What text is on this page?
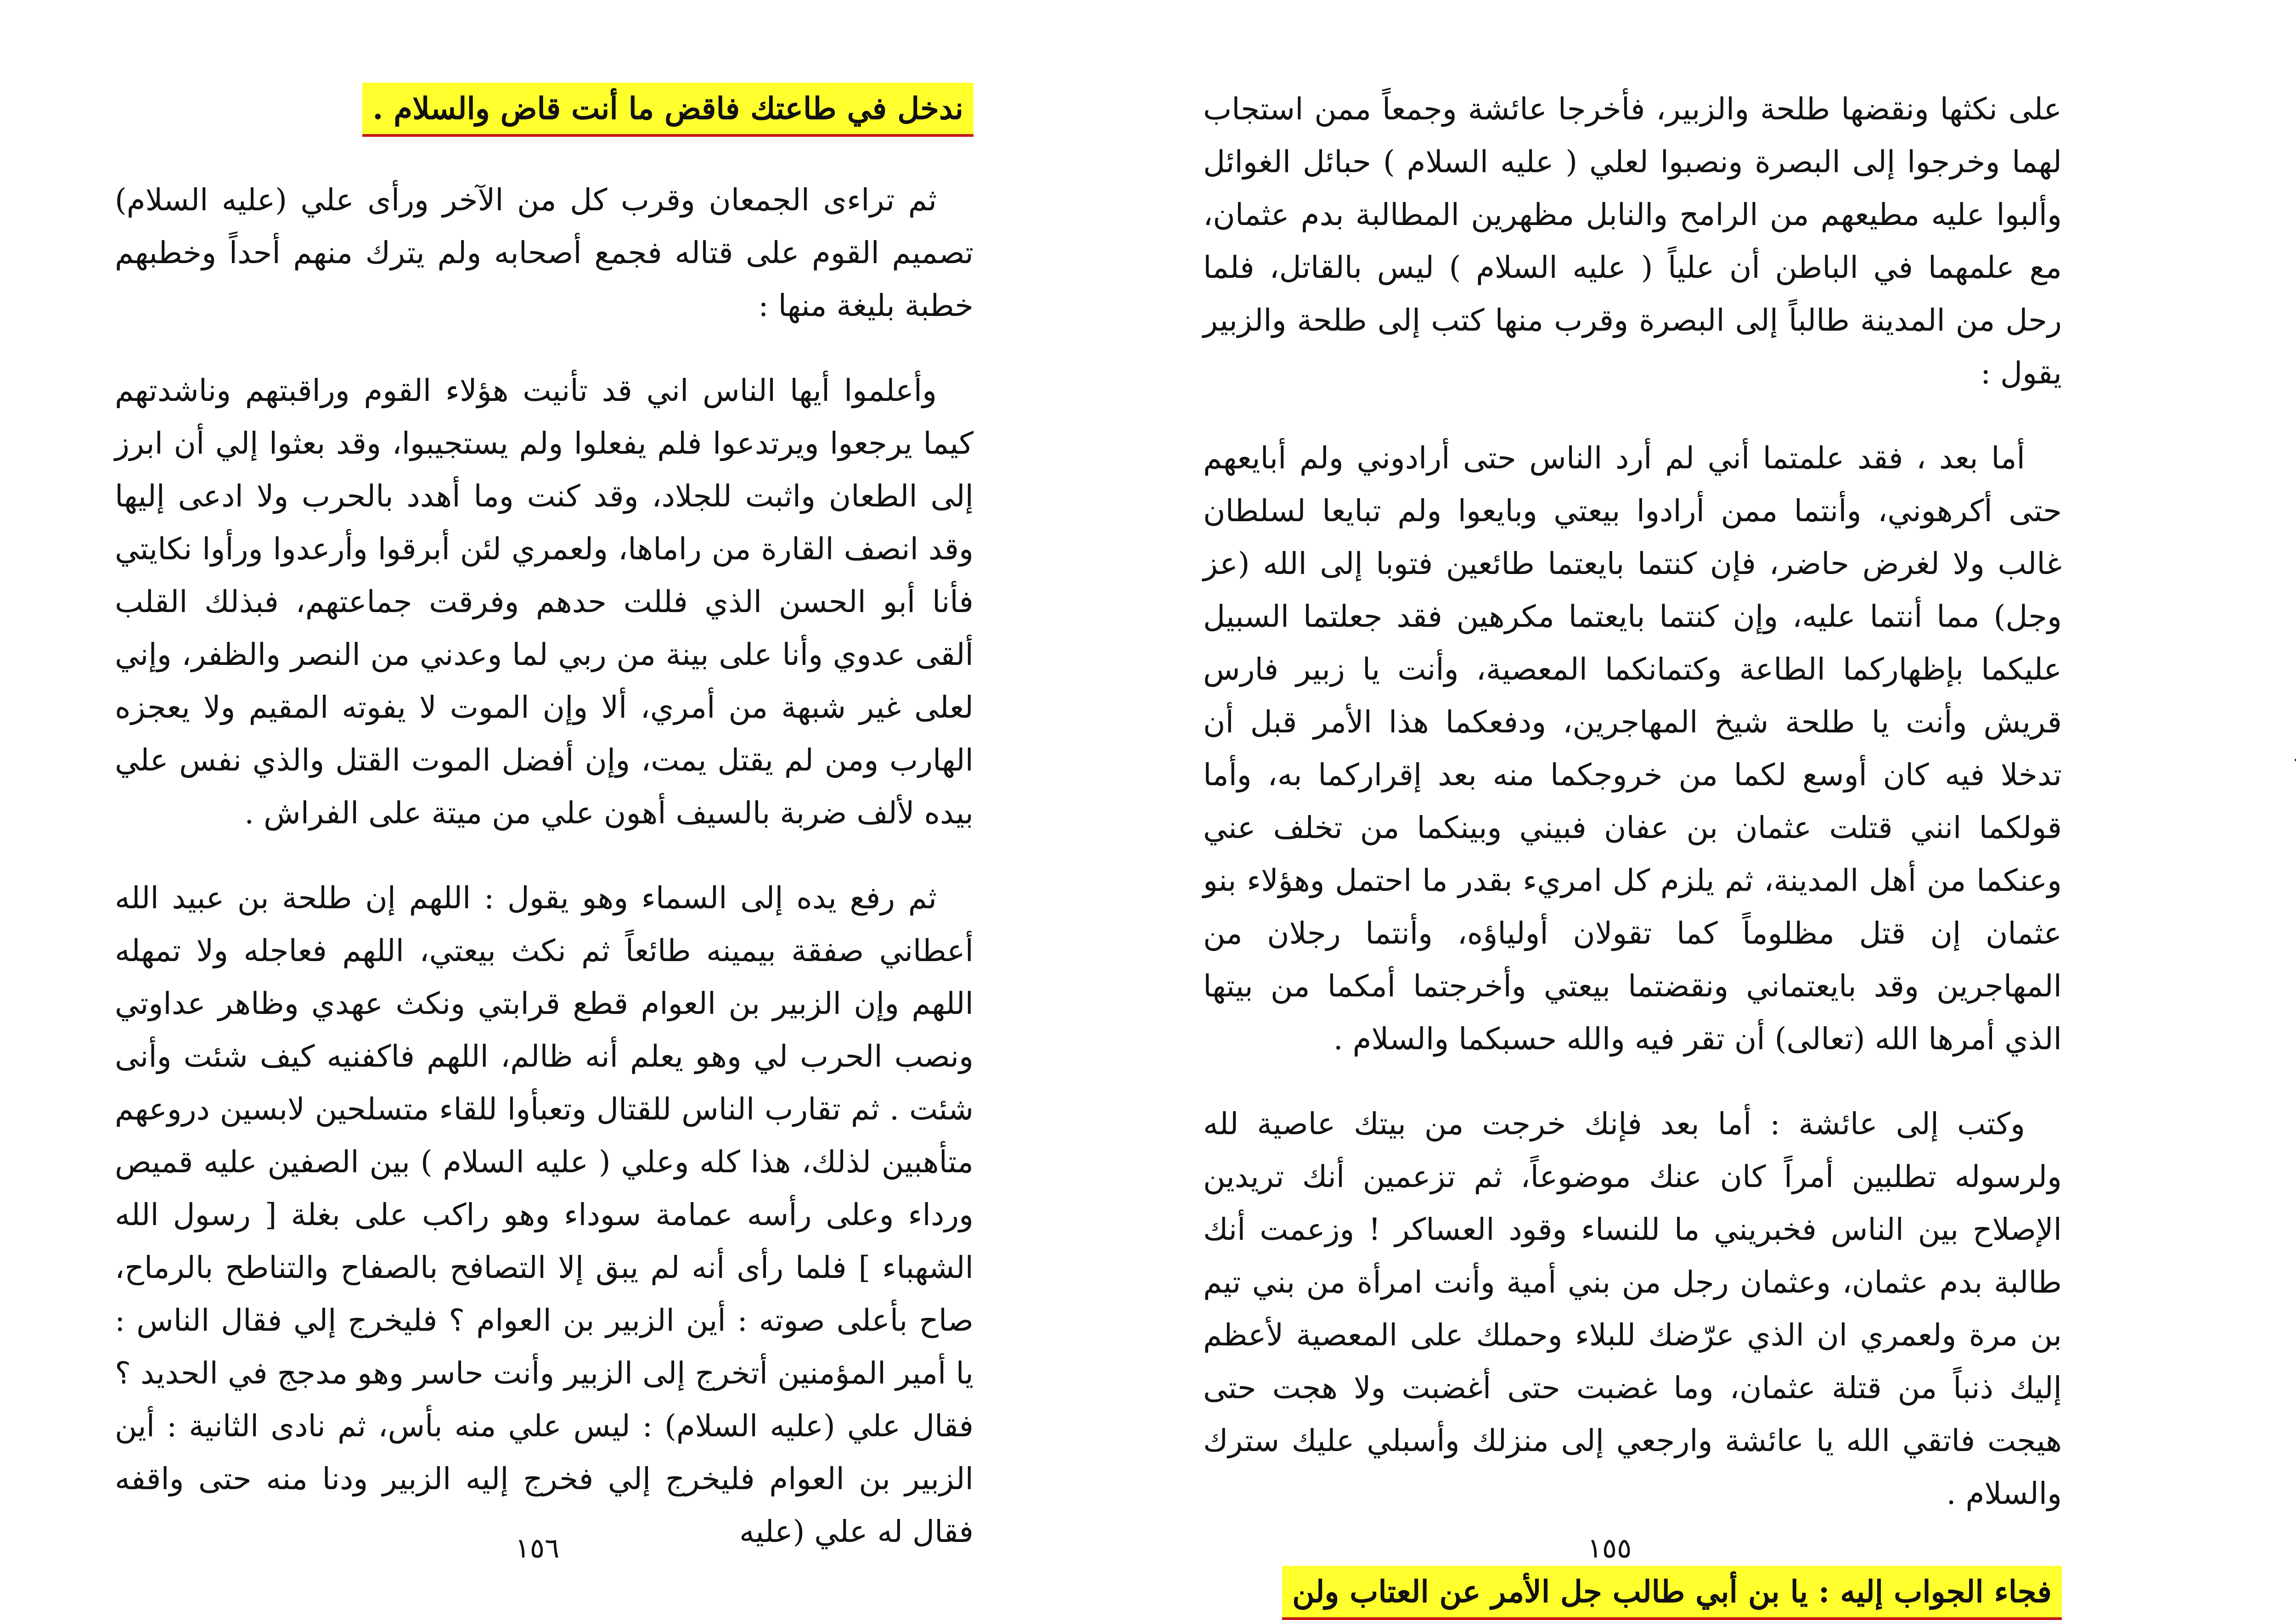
ندخل في طاعتك فاقض ما أنت قاض والسلام .

ثم تراءى الجمعان وقرب كل من الآخر ورأى علي (عليه السلام) تصميم القوم على قتاله فجمع أصحابه ولم يترك منهم أحداً وخطبهم خطبة بليغة منها :

وأعلموا أيها الناس اني قد تأنيت هؤلاء القوم وراقبتهم وناشدتهم كيما يرجعوا ويرتدعوا فلم يفعلوا ولم يستجيبوا، وقد بعثوا إلي أن ابرز إلى الطعان واثبت للجلاد، وقد كنت وما أهدد بالحرب ولا ادعى إليها وقد انصف القارة من راماها، ولعمري لئن أبرقوا وأرعدوا ورأوا نكايتي فأنا أبو الحسن الذي فللت حدهم وفرقت جماعتهم، فبذلك القلب ألقى عدوي وأنا على بينة من ربي لما وعدني من النصر والظفر، وإني لعلى غير شبهة من أمري، ألا وإن الموت لا يفوته المقيم ولا يعجزه الهارب ومن لم يقتل يمت، وإن أفضل الموت القتل والذي نفس علي بيده لألف ضربة بالسيف أهون علي من ميتة على الفراش .

ثم رفع يده إلى السماء وهو يقول : اللهم إن طلحة بن عبيد الله أعطاني صفقة بيمينه طائعاً ثم نكث بيعتي، اللهم فعاجله ولا تمهله اللهم وإن الزبير بن العوام قطع قرابتي ونكث عهدي وظاهر عداوتي ونصب الحرب لي وهو يعلم أنه ظالم، اللهم فاكفنيه كيف شئت وأنى شئت . ثم تقارب الناس للقتال وتعبأوا للقاء متسلحين لابسين دروعهم متأهبين لذلك، هذا كله وعلي ( عليه السلام ) بين الصفين عليه قميص ورداء وعلى رأسه عمامة سوداء وهو راكب على بغلة [ رسول الله الشهباء ] فلما رأى أنه لم يبق إلا التصافح بالصفاح والتناطح بالرماح، صاح بأعلى صوته : أين الزبير بن العوام ؟ فليخرج إلي فقال الناس : يا أمير المؤمنين أتخرج إلى الزبير وأنت حاسر وهو مدجج في الحديد ؟ فقال علي (عليه السلام) : ليس علي منه بأس، ثم نادى الثانية : أين الزبير بن العوام فليخرج إلي فخرج إليه الزبير ودنا منه حتى واقفه فقال له علي (عليه

١٥٦

على نكثها ونقضها طلحة والزبير، فأخرجا عائشة وجمعاً ممن استجاب لهما وخرجوا إلى البصرة ونصبوا لعلي ( عليه السلام ) حبائل الغوائل وألبوا عليه مطيعهم من الرامح والنابل مظهرين المطالبة بدم عثمان، مع علمهما في الباطن أن علياً ( عليه السلام ) ليس بالقاتل، فلما رحل من المدينة طالباً إلى البصرة وقرب منها كتب إلى طلحة والزبير يقول :

أما بعد ، فقد علمتما أني لم أرد الناس حتى أرادوني ولم أبايعهم حتى أكرهوني، وأنتما ممن أرادوا بيعتي وبايعوا ولم تبايعا لسلطان غالب ولا لغرض حاضر، فإن كنتما بايعتما طائعين فتوبا إلى الله (عز وجل) مما أنتما عليه، وإن كنتما بايعتما مكرهين فقد جعلتما السبيل عليكما بإظهاركما الطاعة وكتمانكما المعصية، وأنت يا زبير فارس قريش وأنت يا طلحة شيخ المهاجرين، ودفعكما هذا الأمر قبل أن تدخلا فيه كان أوسع لكما من خروجكما منه بعد إقراركما به، وأما قولكما انني قتلت عثمان بن عفان فبيني وبينكما من تخلف عني وعنكما من أهل المدينة، ثم يلزم كل امريء بقدر ما احتمل وهؤلاء بنو عثمان إن قتل مظلوماً كما تقولان أولياؤه، وأنتما رجلان من المهاجرين وقد بايعتماني ونقضتما بيعتي وأخرجتما أمكما من بيتها الذي أمرها الله (تعالى) أن تقر فيه والله حسبكما والسلام .

وكتب إلى عائشة : أما بعد فإنك خرجت من بيتك عاصية لله ولرسوله تطلبين أمراً كان عنك موضوعاً، ثم تزعمين أنك تريدين الإصلاح بين الناس فخبريني ما للنساء وقود العساكر ! وزعمت أنك طالبة بدم عثمان، وعثمان رجل من بني أمية وأنت امرأة من بني تيم بن مرة ولعمري ان الذي عرّضك للبلاء وحملك على المعصية لأعظم إليك ذنباً من قتلة عثمان، وما غضبت حتى أغضبت ولا هجت حتى هيجت فاتقي الله يا عائشة وارجعي إلى منزلك وأسبلي عليك سترك والسلام .

فجاء الجواب إليه : يا بن أبي طالب جل الأمر عن العتاب ولن
١٥٥
